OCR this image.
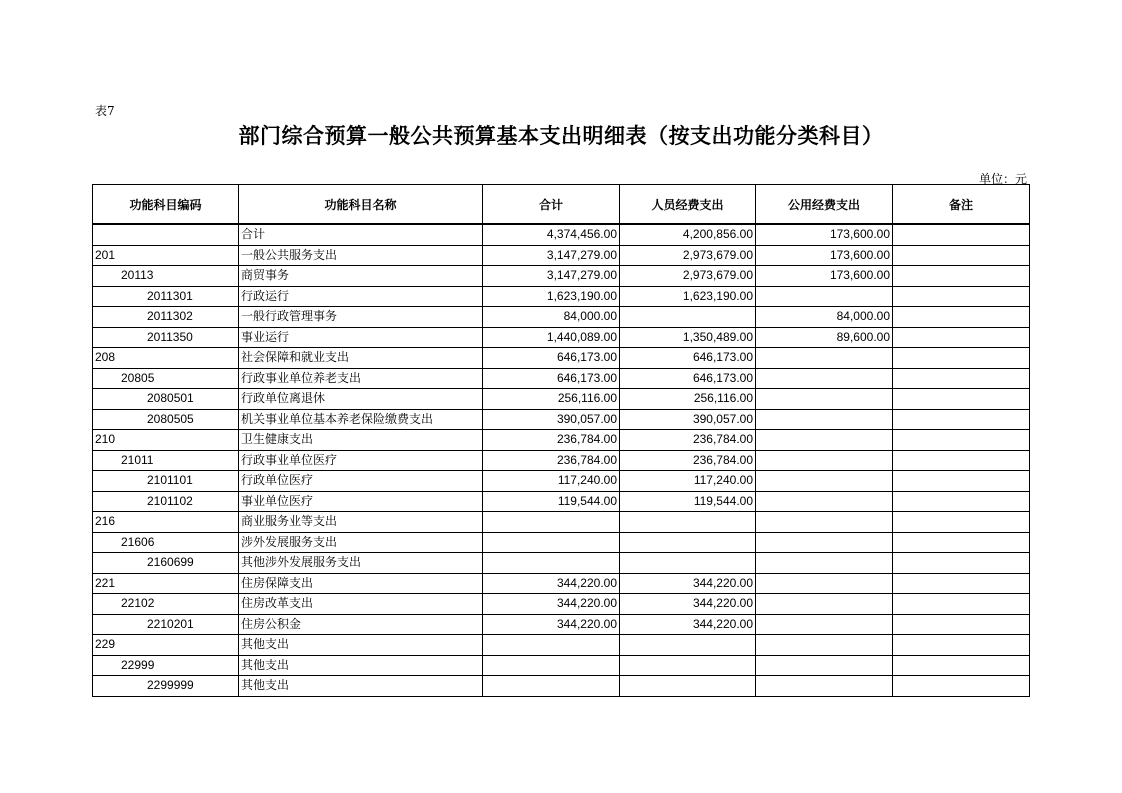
表7
部门综合预算一般公共预算基本支出明细表（按支出功能分类科目）
单位：元
功能科目编码	功能科目名称	合计	人员经费支出	公用经费支出	备注
	合计	4,374,456.00	4,200,856.00	173,600.00	
201	一般公共服务支出	3,147,279.00	2,973,679.00	173,600.00	
20113	商贸事务	3,147,279.00	2,973,679.00	173,600.00	
2011301	行政运行	1,623,190.00	1,623,190.00		
2011302	一般行政管理事务	84,000.00		84,000.00	
2011350	事业运行	1,440,089.00	1,350,489.00	89,600.00	
208	社会保障和就业支出	646,173.00	646,173.00		
20805	行政事业单位养老支出	646,173.00	646,173.00		
2080501	行政单位离退休	256,116.00	256,116.00		
2080505	机关事业单位基本养老保险缴费支出	390,057.00	390,057.00		
210	卫生健康支出	236,784.00	236,784.00		
21011	行政事业单位医疗	236,784.00	236,784.00		
2101101	行政单位医疗	117,240.00	117,240.00		
2101102	事业单位医疗	119,544.00	119,544.00		
216	商业服务业等支出				
21606	涉外发展服务支出				
2160699	其他涉外发展服务支出				
221	住房保障支出	344,220.00	344,220.00		
22102	住房改革支出	344,220.00	344,220.00		
2210201	住房公积金	344,220.00	344,220.00		
229	其他支出				
22999	其他支出				
2299999	其他支出				
